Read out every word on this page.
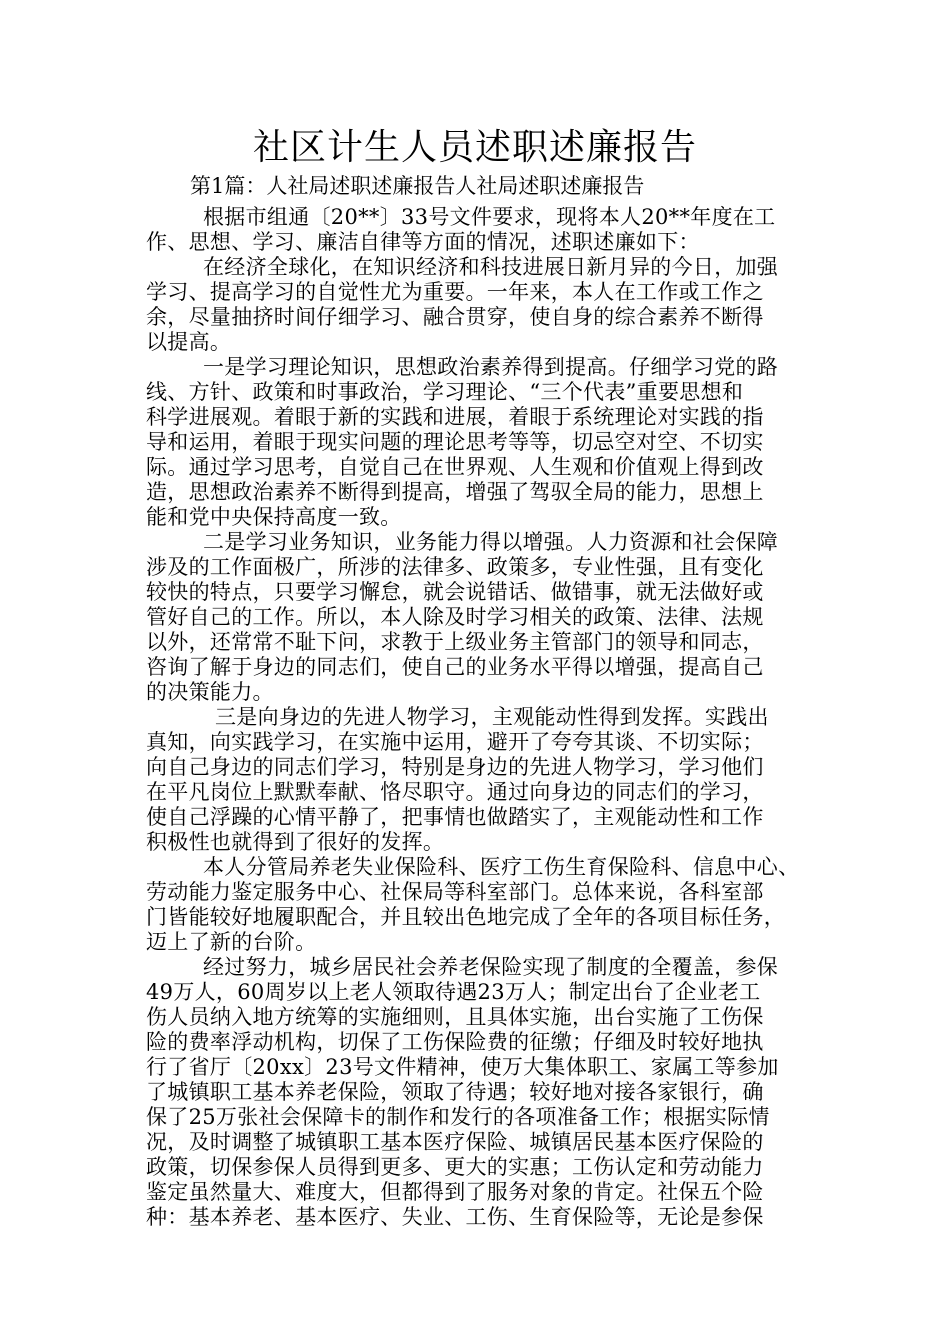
社区计生人员述职述廉报告
第1篇：人社局述职述廉报告人社局述职述廉报告
根据市组通〔20**〕33号文件要求，现将本人20**年度在工
作、思想、学习、廉洁自律等方面的情况，述职述廉如下：
在经济全球化，在知识经济和科技进展日新月异的今日，加强
学习、提高学习的自觉性尤为重要。一年来，本人在工作或工作之
余，尽量抽挤时间仔细学习、融合贯穿，使自身的综合素养不断得
以提高。
一是学习理论知识，思想政治素养得到提高。仔细学习党的路
线、方针、政策和时事政治，学习理论、“三个代表”重要思想和
科学进展观。着眼于新的实践和进展，着眼于系统理论对实践的指
导和运用，着眼于现实问题的理论思考等等，切忌空对空、不切实
际。通过学习思考，自觉自己在世界观、人生观和价值观上得到改
造，思想政治素养不断得到提高，增强了驾驭全局的能力，思想上
能和党中央保持高度一致。
二是学习业务知识，业务能力得以增强。人力资源和社会保障
涉及的工作面极广，所涉的法律多、政策多，专业性强，且有变化
较快的特点，只要学习懈怠，就会说错话、做错事，就无法做好或
管好自己的工作。所以，本人除及时学习相关的政策、法律、法规
以外，还常常不耻下问，求教于上级业务主管部门的领导和同志，
咨询了解于身边的同志们，使自己的业务水平得以增强，提高自己
的决策能力。
三是向身边的先进人物学习，主观能动性得到发挥。实践出
真知，向实践学习，在实施中运用，避开了夸夸其谈、不切实际；
向自己身边的同志们学习，特别是身边的先进人物学习，学习他们
在平凡岗位上默默奉献、恪尽职守。通过向身边的同志们的学习，
使自己浮躁的心情平静了，把事情也做踏实了，主观能动性和工作
积极性也就得到了很好的发挥。
本人分管局养老失业保险科、医疗工伤生育保险科、信息中心、
劳动能力鉴定服务中心、社保局等科室部门。总体来说，各科室部
门皆能较好地履职配合，并且较出色地完成了全年的各项目标任务，
迈上了新的台阶。
经过努力，城乡居民社会养老保险实现了制度的全覆盖，参保
49万人，60周岁以上老人领取待遇23万人；制定出台了企业老工
伤人员纳入地方统筹的实施细则，且具体实施，出台实施了工伤保
险的费率浮动机构，切保了工伤保险费的征缴；仔细及时较好地执
行了省厅〔20xx〕23号文件精神，使万大集体职工、家属工等参加
了城镇职工基本养老保险，领取了待遇；较好地对接各家银行，确
保了25万张社会保障卡的制作和发行的各项准备工作；根据实际情
况，及时调整了城镇职工基本医疗保险、城镇居民基本医疗保险的
政策，切保参保人员得到更多、更大的实惠；工伤认定和劳动能力
鉴定虽然量大、难度大，但都得到了服务对象的肯定。社保五个险
种：基本养老、基本医疗、失业、工伤、生育保险等，无论是参保
